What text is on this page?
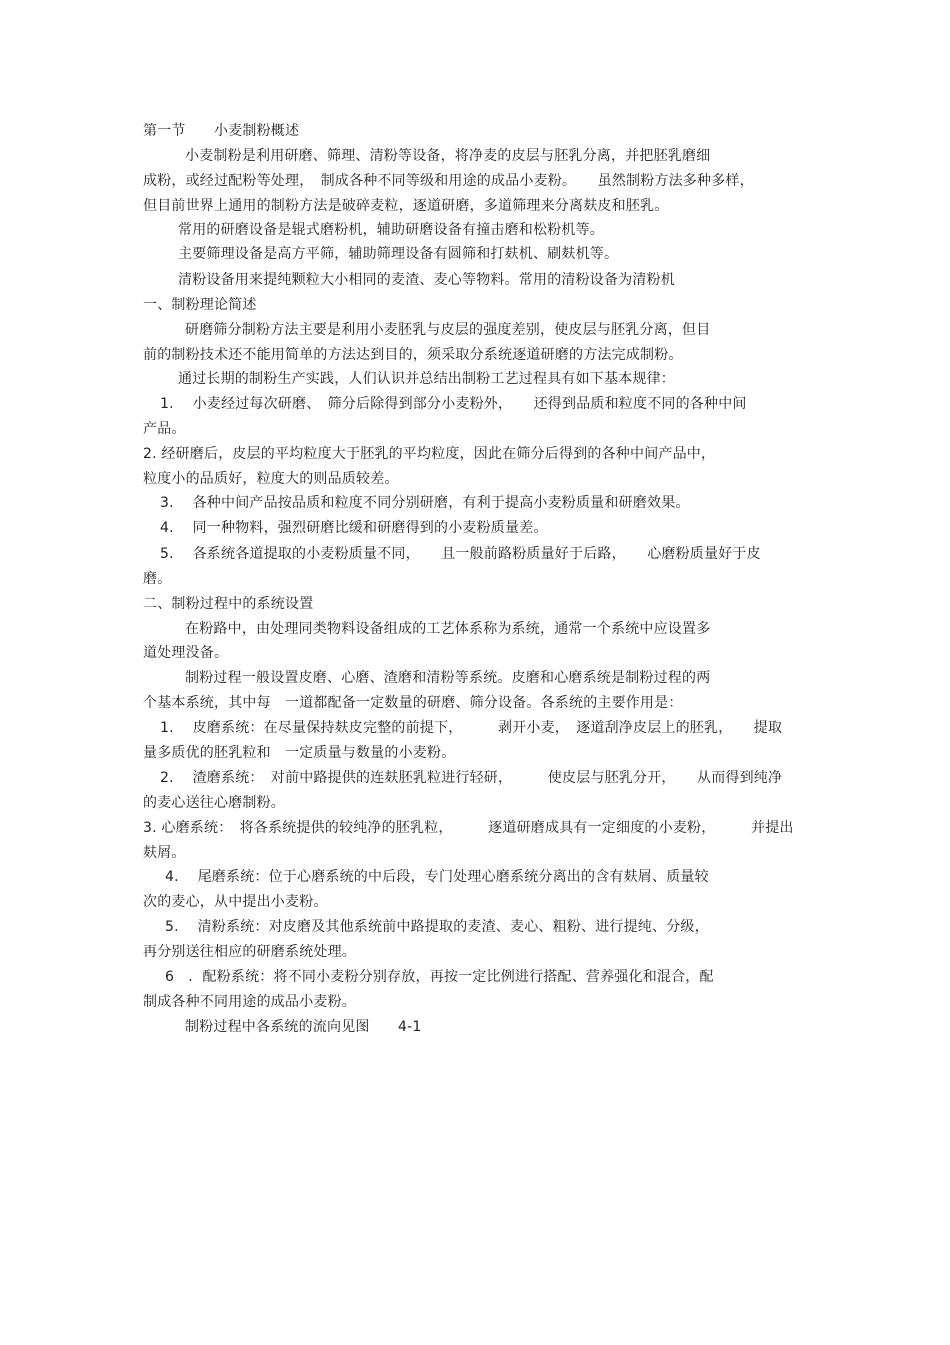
第一节　　小麦制粉概述
小麦制粉是利用研磨、筛理、清粉等设备，将净麦的皮层与胚乳分离，并把胚乳磨细
成粉，或经过配粉等处理，　制成各种不同等级和用途的成品小麦粉。　　虽然制粉方法多种多样，
但目前世界上通用的制粉方法是破碎麦粒，逐道研磨，多道筛理来分离麸皮和胚乳。
常用的研磨设备是辊式磨粉机，辅助研磨设备有撞击磨和松粉机等。
主要筛理设备是高方平筛，辅助筛理设备有圆筛和打麸机、刷麸机等。
清粉设备用来提纯颗粒大小相同的麦渣、麦心等物料。常用的清粉设备为清粉机
一、制粉理论简述
研磨筛分制粉方法主要是利用小麦胚乳与皮层的强度差别，使皮层与胚乳分离，但目
前的制粉技术还不能用简单的方法达到目的，须采取分系统逐道研磨的方法完成制粉。
通过长期的制粉生产实践，人们认识并总结出制粉工艺过程具有如下基本规律：
1.　 小麦经过每次研磨、　筛分后除得到部分小麦粉外，　　还得到品质和粒度不同的各种中间
产品。
2. 经研磨后，皮层的平均粒度大于胚乳的平均粒度，因此在筛分后得到的各种中间产品中，
粒度小的品质好，粒度大的则品质较差。
3.　 各种中间产品按品质和粒度不同分别研磨，有利于提高小麦粉质量和研磨效果。
4.　 同一种物料，强烈研磨比缓和研磨得到的小麦粉质量差。
5.　 各系统各道提取的小麦粉质量不同，　　且一般前路粉质量好于后路，　　心磨粉质量好于皮
磨。
二、制粉过程中的系统设置
在粉路中，由处理同类物料设备组成的工艺体系称为系统，通常一个系统中应设置多
道处理没备。
制粉过程一般设置皮磨、心磨、渣磨和清粉等系统。皮磨和心磨系统是制粉过程的两
个基本系统，其中每　一道都配备一定数量的研磨、筛分设备。各系统的主要作用是：
1.　 皮磨系统：在尽量保持麸皮完整的前提下，　　　剥开小麦，　逐道刮净皮层上的胚乳，　　提取
量多质优的胚乳粒和　一定质量与数量的小麦粉。
2.　 渣磨系统：　对前中路提供的连麸胚乳粒进行轻研，　　　使皮层与胚乳分开，　　从而得到纯净
的麦心送往心磨制粉。
3. 心磨系统：　将各系统提供的较纯净的胚乳粒，　　　逐道研磨成具有一定细度的小麦粉，　　　并提出
麸屑。
4.　 尾磨系统：位于心磨系统的中后段，专门处理心磨系统分离出的含有麸屑、质量较
次的麦心，从中提出小麦粉。
5.　 清粉系统：对皮磨及其他系统前中路提取的麦渣、麦心、粗粉、进行提纯、分级，
再分别送往相应的研磨系统处理。
6　．配粉系统：将不同小麦粉分别存放，再按一定比例进行搭配、营养强化和混合，配
制成各种不同用途的成品小麦粉。
制粉过程中各系统的流向见图　　4-1
